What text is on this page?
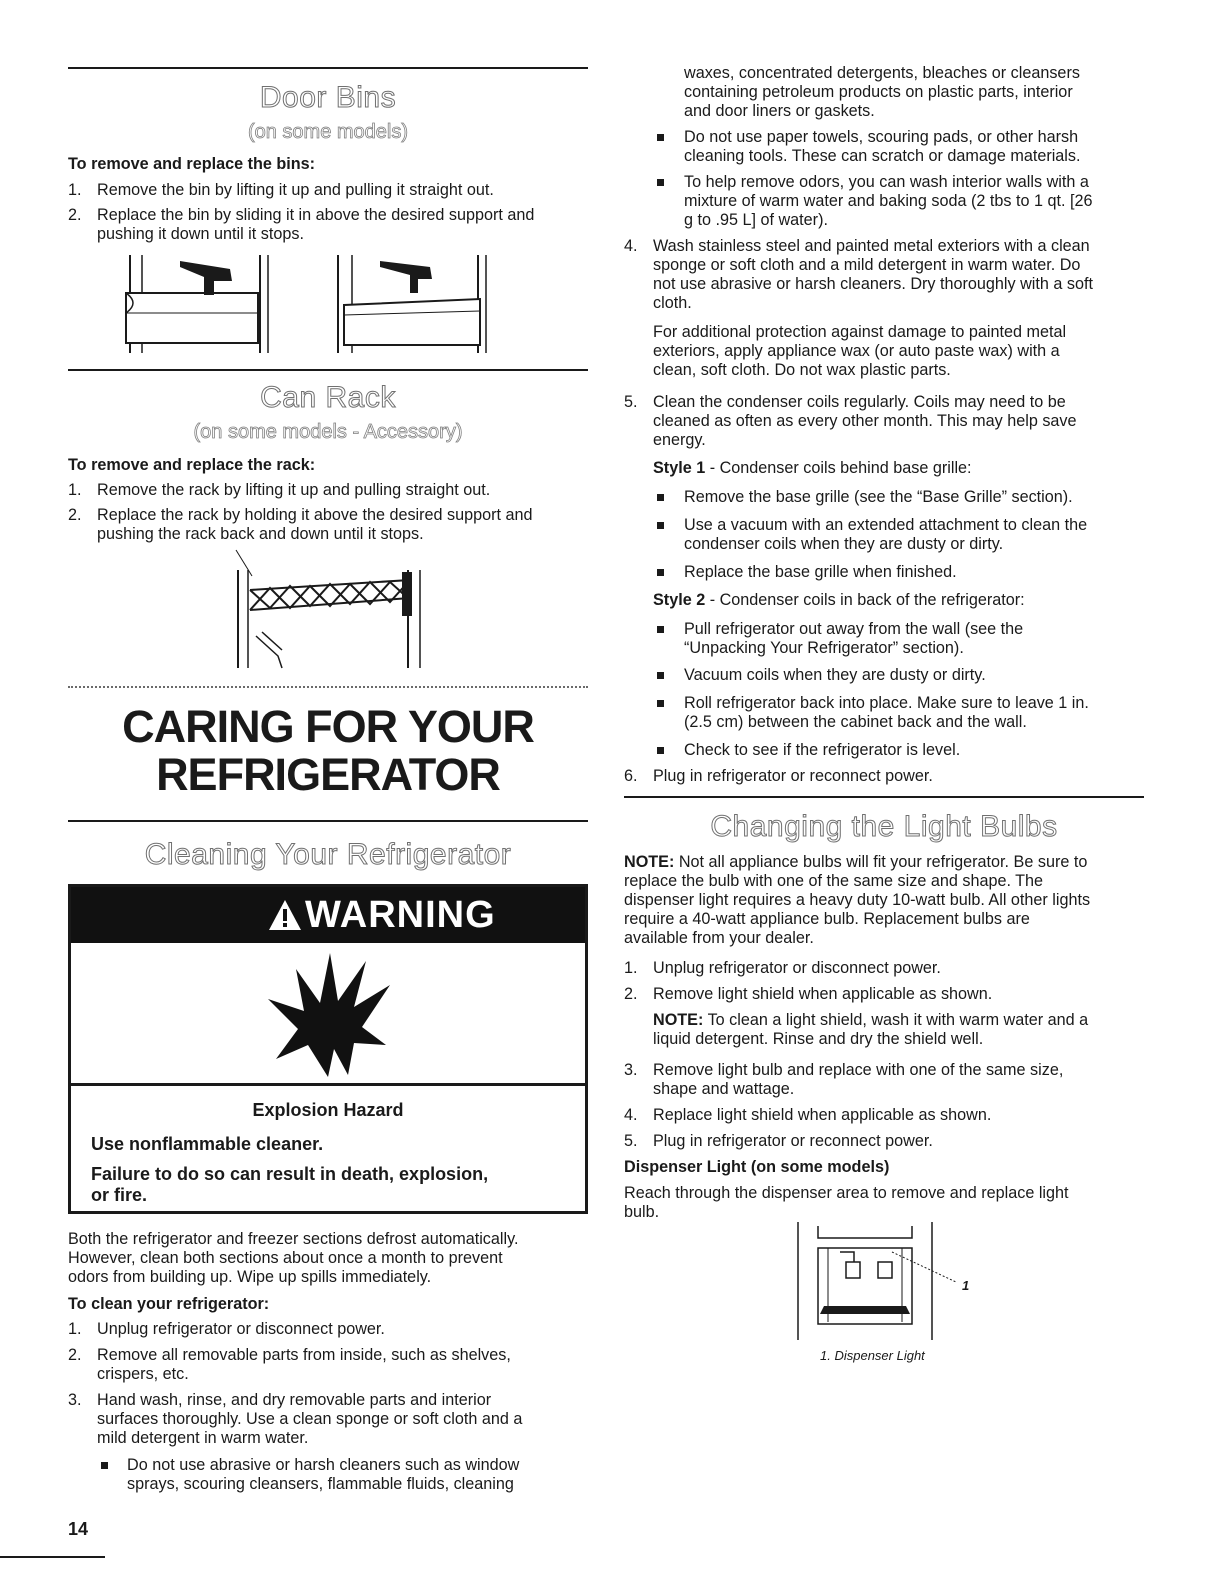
Door Bins
(on some models)
To remove and replace the bins:
1. Remove the bin by lifting it up and pulling it straight out.
2. Replace the bin by sliding it in above the desired support and
pushing it down until it stops.
Can Rack
(on some models - Accessory)
To remove and replace the rack:
1. Remove the rack by lifting it up and pulling straight out.
2. Replace the rack by holding it above the desired support and
pushing the rack back and down until it stops.
CARING FOR YOUR
REFRIGERATOR
Cleaning Your Refrigerator
WARNING
Explosion Hazard
Use nonflammable cleaner.
Failure to do so can result in death, explosion,
or fire.
Both the refrigerator and freezer sections defrost automatically.
However, clean both sections about once a month to prevent
odors from building up. Wipe up spills immediately.
To clean your refrigerator:
1. Unplug refrigerator or disconnect power.
2. Remove all removable parts from inside, such as shelves,
crispers, etc.
3. Hand wash, rinse, and dry removable parts and interior
surfaces thoroughly. Use a clean sponge or soft cloth and a
mild detergent in warm water.
Do not use abrasive or harsh cleaners such as window
sprays, scouring cleansers, flammable fluids, cleaning
14
waxes, concentrated detergents, bleaches or cleansers
containing petroleum products on plastic parts, interior
and door liners or gaskets.
Do not use paper towels, scouring pads, or other harsh
cleaning tools. These can scratch or damage materials.
To help remove odors, you can wash interior walls with a
mixture of warm water and baking soda (2 tbs to 1 qt. [26
g to .95 L] of water).
4. Wash stainless steel and painted metal exteriors with a clean
sponge or soft cloth and a mild detergent in warm water. Do
not use abrasive or harsh cleaners. Dry thoroughly with a soft
cloth.
For additional protection against damage to painted metal
exteriors, apply appliance wax (or auto paste wax) with a
clean, soft cloth. Do not wax plastic parts.
5. Clean the condenser coils regularly. Coils may need to be
cleaned as often as every other month. This may help save
energy.
Style 1 - Condenser coils behind base grille:
Remove the base grille (see the “Base Grille” section).
Use a vacuum with an extended attachment to clean the
condenser coils when they are dusty or dirty.
Replace the base grille when finished.
Style 2 - Condenser coils in back of the refrigerator:
Pull refrigerator out away from the wall (see the
“Unpacking Your Refrigerator” section).
Vacuum coils when they are dusty or dirty.
Roll refrigerator back into place. Make sure to leave 1 in.
(2.5 cm) between the cabinet back and the wall.
Check to see if the refrigerator is level.
6. Plug in refrigerator or reconnect power.
Changing the Light Bulbs
NOTE: Not all appliance bulbs will fit your refrigerator. Be sure to
replace the bulb with one of the same size and shape. The
dispenser light requires a heavy duty 10-watt bulb. All other lights
require a 40-watt appliance bulb. Replacement bulbs are
available from your dealer.
1. Unplug refrigerator or disconnect power.
2. Remove light shield when applicable as shown.
NOTE: To clean a light shield, wash it with warm water and a
liquid detergent. Rinse and dry the shield well.
3. Remove light bulb and replace with one of the same size,
shape and wattage.
4. Replace light shield when applicable as shown.
5. Plug in refrigerator or reconnect power.
Dispenser Light (on some models)
Reach through the dispenser area to remove and replace light
bulb.
1
1. Dispenser Light
